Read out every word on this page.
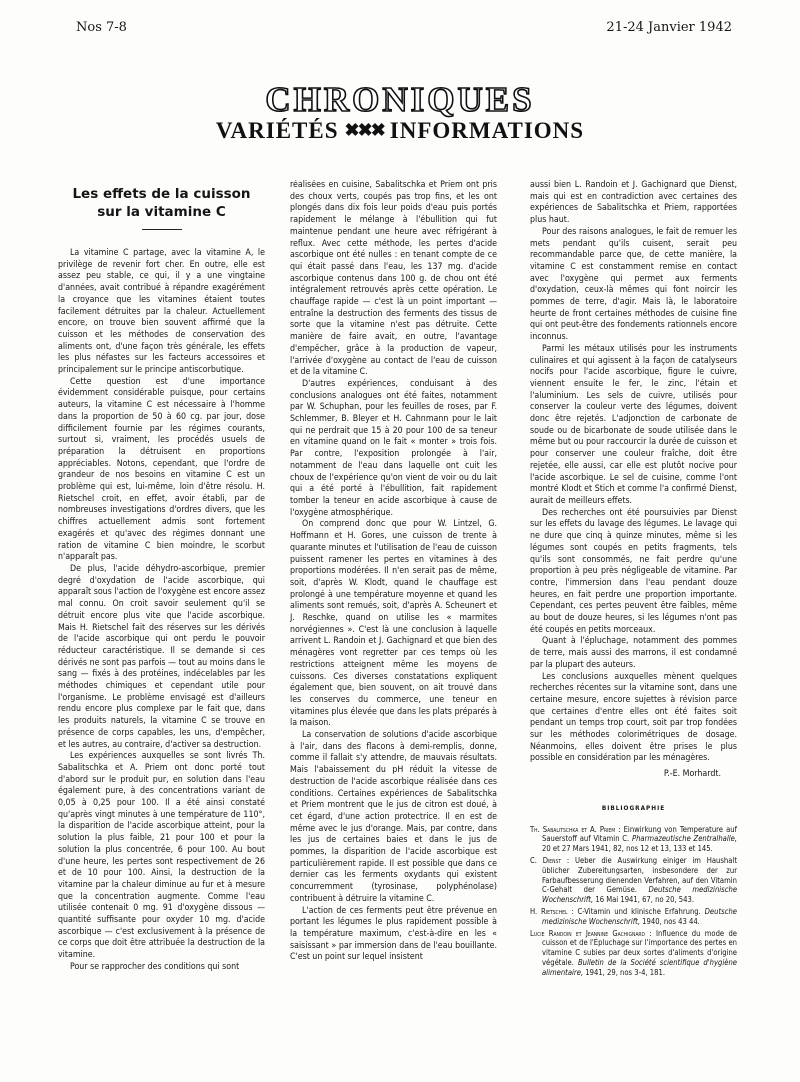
Nos 7-8	21-24 Janvier 1942
CHRONIQUES
VARIÉTÉS ✖✖✖ INFORMATIONS
Les effets de la cuisson
sur la vitamine C

La vitamine C partage, avec la vitamine A, le privilège de revenir fort cher. En outre, elle est assez peu stable, ce qui, il y a une vingtaine d'années, avait contribué à répandre exagérément la croyance que les vitamines étaient toutes facilement détruites par la chaleur. Actuellement encore, on trouve bien souvent affirmé que la cuisson et les méthodes de conservation des aliments ont, d'une façon très générale, les effets les plus néfastes sur les facteurs accessoires et principalement sur le principe antiscorbutique.

Cette question est d'une importance évidemment considérable puisque, pour certains auteurs, la vitamine C est nécessaire à l'homme dans la proportion de 50 à 60 cg. par jour, dose difficilement fournie par les régimes courants, surtout si, vraiment, les procédés usuels de préparation la détruisent en proportions appréciables. Notons, cependant, que l'ordre de grandeur de nos besoins en vitamine C est un problème qui est, lui-même, loin d'être résolu. H. Rietschel croit, en effet, avoir établi, par de nombreuses investigations d'ordres divers, que les chiffres actuellement admis sont fortement exagérés et qu'avec des régimes donnant une ration de vitamine C bien moindre, le scorbut n'apparaît pas.

De plus, l'acide déhydro-ascorbique, premier degré d'oxydation de l'acide ascorbique, qui apparaît sous l'action de l'oxygène est encore assez mal connu. On croit savoir seulement qu'il se détruit encore plus vite que l'acide ascorbique. Mais H. Rietschel fait des réserves sur les dérivés de l'acide ascorbique qui ont perdu le pouvoir réducteur caractéristique. Il se demande si ces dérivés ne sont pas parfois — tout au moins dans le sang — fixés à des protéines, indécelables par les méthodes chimiques et cependant utile pour l'organisme. Le problème envisagé est d'ailleurs rendu encore plus complexe par le fait que, dans les produits naturels, la vitamine C se trouve en présence de corps capables, les uns, d'empêcher, et les autres, au contraire, d'activer sa destruction.

Les expériences auxquelles se sont livrés Th. Sabalitschka et A. Priem ont donc porté tout d'abord sur le produit pur, en solution dans l'eau également pure, à des concentrations variant de 0,05 à 0,25 pour 100. Il a été ainsi constaté qu'après vingt minutes à une température de 110°, la disparition de l'acide ascorbique atteint, pour la solution la plus faible, 21 pour 100 et pour la solution la plus concentrée, 6 pour 100. Au bout d'une heure, les pertes sont respectivement de 26 et de 10 pour 100. Ainsi, la destruction de la vitamine par la chaleur diminue au fur et à mesure que la concentration augmente. Comme l'eau utilisée contenait 0 mg. 91 d'oxygène dissous — quantité suffisante pour oxyder 10 mg. d'acide ascorbique — c'est exclusivement à la présence de ce corps que doit être attribuée la destruction de la vitamine.

Pour se rapprocher des conditions qui sont

réalisées en cuisine, Sabalitschka et Priem ont pris des choux verts, coupés pas trop fins, et les ont plongés dans dix fois leur poids d'eau puis portés rapidement le mélange à l'ébullition qui fut maintenue pendant une heure avec réfrigérant à reflux. Avec cette méthode, les pertes d'acide ascorbique ont été nulles : en tenant compte de ce qui était passé dans l'eau, les 137 mg. d'acide ascorbique contenus dans 100 g. de chou ont été intégralement retrouvés après cette opération. Le chauffage rapide — c'est là un point important — entraîne la destruction des ferments des tissus de sorte que la vitamine n'est pas détruite. Cette manière de faire avait, en outre, l'avantage d'empêcher, grâce à la production de vapeur, l'arrivée d'oxygène au contact de l'eau de cuisson et de la vitamine C.

D'autres expériences, conduisant à des conclusions analogues ont été faites, notamment par W. Schuphan, pour les feuilles de roses, par F. Schlemmer, B. Bleyer et H. Cahnmann pour le lait qui ne perdrait que 15 à 20 pour 100 de sa teneur en vitamine quand on le fait « monter » trois fois. Par contre, l'exposition prolongée à l'air, notamment de l'eau dans laquelle ont cuit les choux de l'expérience qu'on vient de voir ou du lait qui a été porté à l'ébullition, fait rapidement tomber la teneur en acide ascorbique à cause de l'oxygène atmosphérique.

On comprend donc que pour W. Lintzel, G. Hoffmann et H. Gores, une cuisson de trente à quarante minutes et l'utilisation de l'eau de cuisson puissent ramener les pertes en vitamines à des proportions modérées. Il n'en serait pas de même, soit, d'après W. Klodt, quand le chauffage est prolongé à une température moyenne et quand les aliments sont remués, soit, d'après A. Scheunert et J. Reschke, quand on utilise les « marmites norvégiennes ». C'est là une conclusion à laquelle arrivent L. Randoin et J. Gachignard et que bien des ménagères vont regretter par ces temps où les restrictions atteignent même les moyens de cuissons. Ces diverses constatations expliquent également que, bien souvent, on ait trouvé dans les conserves du commerce, une teneur en vitamines plus élevée que dans les plats préparés à la maison.

La conservation de solutions d'acide ascorbique à l'air, dans des flacons à demi-remplis, donne, comme il fallait s'y attendre, de mauvais résultats. Mais l'abaissement du pH réduit la vitesse de destruction de l'acide ascorbique réalisée dans ces conditions. Certaines expériences de Sabalitschka et Priem montrent que le jus de citron est doué, à cet égard, d'une action protectrice. Il en est de même avec le jus d'orange. Mais, par contre, dans les jus de certaines baies et dans le jus de pommes, la disparition de l'acide ascorbique est particulièrement rapide. Il est possible que dans ce dernier cas les ferments oxydants qui existent concurremment (tyrosinase, polyphénolase) contribuent à détruire la vitamine C.

L'action de ces ferments peut être prévenue en portant les légumes le plus rapidement possible à la température maximum, c'est-à-dire en les « saisissant » par immersion dans de l'eau bouillante. C'est un point sur lequel insistent

aussi bien L. Randoin et J. Gachignard que Dienst, mais qui est en contradiction avec certaines des expériences de Sabalitschka et Priem, rapportées plus haut.

Pour des raisons analogues, le fait de remuer les mets pendant qu'ils cuisent, serait peu recommandable parce que, de cette manière, la vitamine C est constamment remise en contact avec l'oxygène qui permet aux ferments d'oxydation, ceux-là mêmes qui font noircir les pommes de terre, d'agir. Mais là, le laboratoire heurte de front certaines méthodes de cuisine fine qui ont peut-être des fondements rationnels encore inconnus.

Parmi les métaux utilisés pour les instruments culinaires et qui agissent à la façon de catalyseurs nocifs pour l'acide ascorbique, figure le cuivre, viennent ensuite le fer, le zinc, l'étain et l'aluminium. Les sels de cuivre, utilisés pour conserver la couleur verte des légumes, doivent donc être rejetés. L'adjonction de carbonate de soude ou de bicarbonate de soude utilisée dans le même but ou pour raccourcir la durée de cuisson et pour conserver une couleur fraîche, doit être rejetée, elle aussi, car elle est plutôt nocive pour l'acide ascorbique. Le sel de cuisine, comme l'ont montré Klodt et Stich et comme l'a confirmé Dienst, aurait de meilleurs effets.

Des recherches ont été poursuivies par Dienst sur les effets du lavage des légumes. Le lavage qui ne dure que cinq à quinze minutes, même si les légumes sont coupés en petits fragments, tels qu'ils sont consommés, ne fait perdre qu'une proportion à peu près négligeable de vitamine. Par contre, l'immersion dans l'eau pendant douze heures, en fait perdre une proportion importante. Cependant, ces pertes peuvent être faibles, même au bout de douze heures, si les légumes n'ont pas été coupés en petits morceaux.

Quant à l'épluchage, notamment des pommes de terre, mais aussi des marrons, il est condamné par la plupart des auteurs.

Les conclusions auxquelles mènent quelques recherches récentes sur la vitamine sont, dans une certaine mesure, encore sujettes à révision parce que certaines d'entre elles ont été faites soit pendant un temps trop court, soit par trop fondées sur les méthodes colorimétriques de dosage. Néanmoins, elles doivent être prises le plus possible en considération par les ménagères.

P.-E. Morhardt.
BIBLIOGRAPHIE
Th. Sabalitschka et A. Priem : Einwirkung von Temperature auf Sauerstoff auf Vitamin C. Pharmazeutische Zentralhalle, 20 et 27 Mars 1941, 82, nos 12 et 13, 133 et 145.
C. Dienst : Ueber die Auswirkung einiger im Haushalt üblicher Zubereitungsarten, insbesondere der zur Farbaufbesserung dienenden Verfahren, auf den Vitamin C-Gehalt der Gemüse. Deutsche medizinische Wochenschrift, 16 Mai 1941, 67, no 20, 543.
H. Rietschel : C-Vitamin und klinische Erfahrung. Deutsche medizinische Wochenschrift, 1940, nos 43 44.
Lucie Randoin et Jeannine Gachignard : Influence du mode de cuisson et de l'Épluchage sur l'importance des pertes en vitamine C subies par deux sortes d'aliments d'origine végétale. Bulletin de la Société scientifique d'hygiène alimentaire, 1941, 29, nos 3-4, 181.
